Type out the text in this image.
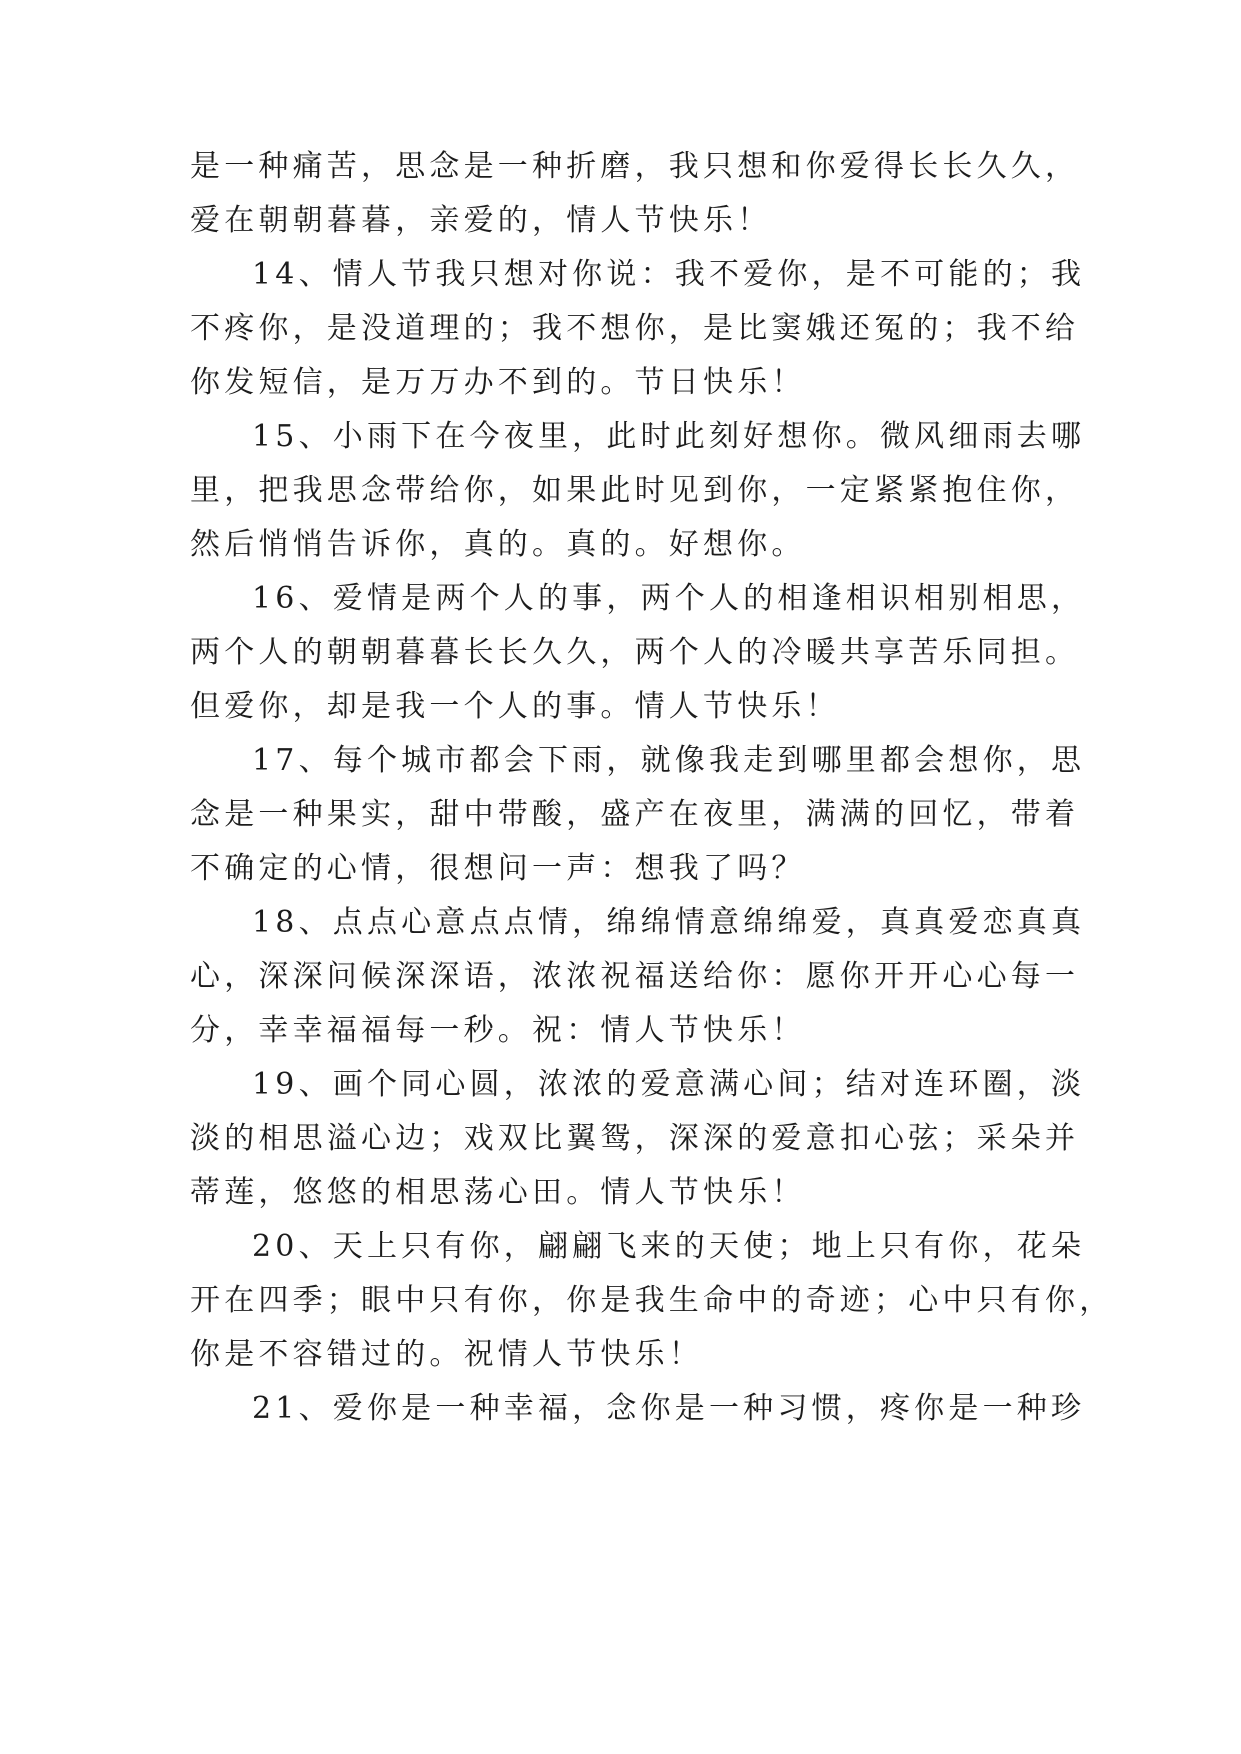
是一种痛苦，思念是一种折磨，我只想和你爱得长长久久，
爱在朝朝暮暮，亲爱的，情人节快乐！
14、情人节我只想对你说：我不爱你，是不可能的；我
不疼你，是没道理的；我不想你，是比窦娥还冤的；我不给
你发短信，是万万办不到的。节日快乐！
15、小雨下在今夜里，此时此刻好想你。微风细雨去哪
里，把我思念带给你，如果此时见到你，一定紧紧抱住你，
然后悄悄告诉你，真的。真的。好想你。
16、爱情是两个人的事，两个人的相逢相识相别相思，
两个人的朝朝暮暮长长久久，两个人的冷暖共享苦乐同担。
但爱你，却是我一个人的事。情人节快乐！
17、每个城市都会下雨，就像我走到哪里都会想你，思
念是一种果实，甜中带酸，盛产在夜里，满满的回忆，带着
不确定的心情，很想问一声：想我了吗？
18、点点心意点点情，绵绵情意绵绵爱，真真爱恋真真
心，深深问候深深语，浓浓祝福送给你：愿你开开心心每一
分，幸幸福福每一秒。祝：情人节快乐！
19、画个同心圆，浓浓的爱意满心间；结对连环圈，淡
淡的相思溢心边；戏双比翼鸳，深深的爱意扣心弦；采朵并
蒂莲，悠悠的相思荡心田。情人节快乐！
20、天上只有你，翩翩飞来的天使；地上只有你，花朵
开在四季；眼中只有你，你是我生命中的奇迹；心中只有你，
你是不容错过的。祝情人节快乐！
21、爱你是一种幸福，念你是一种习惯，疼你是一种珍
